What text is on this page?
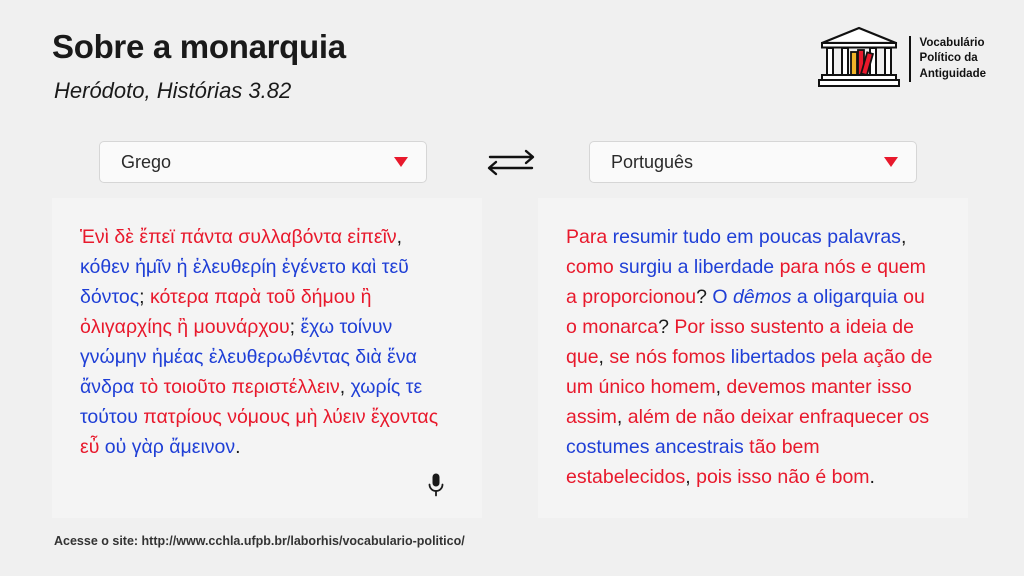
Sobre a monarquia
Heródoto, Histórias 3.82
Vocabulário
Político da
Antiguidade
Grego	Português

Ἑνὶ δὲ ἔπεϊ πάντα συλλαβόντα εἰπεῖν, κόθεν ἡμῖν ἡ ἐλευθερίη ἐγένετο καὶ τεῦ δόντος; κότερα παρὰ τοῦ δήμου ἢ ὀλιγαρχίης ἢ μουνάρχου; ἔχω τοίνυν γνώμην ἡμέας ἐλευθερωθέντας διὰ ἕνα ἄνδρα τὸ τοιοῦτο περιστέλλειν, χωρίς τε τούτου πατρίους νόμους μὴ λύειν ἔχοντας εὖ οὐ γὰρ ἄμεινον.

Para resumir tudo em poucas palavras, como surgiu a liberdade para nós e quem a proporcionou? O dêmos a oligarquia ou o monarca? Por isso sustento a ideia de que, se nós fomos libertados pela ação de um único homem, devemos manter isso assim, além de não deixar enfraquecer os costumes ancestrais tão bem estabelecidos, pois isso não é bom.

Acesse o site: http://www.cchla.ufpb.br/laborhis/vocabulario-politico/
